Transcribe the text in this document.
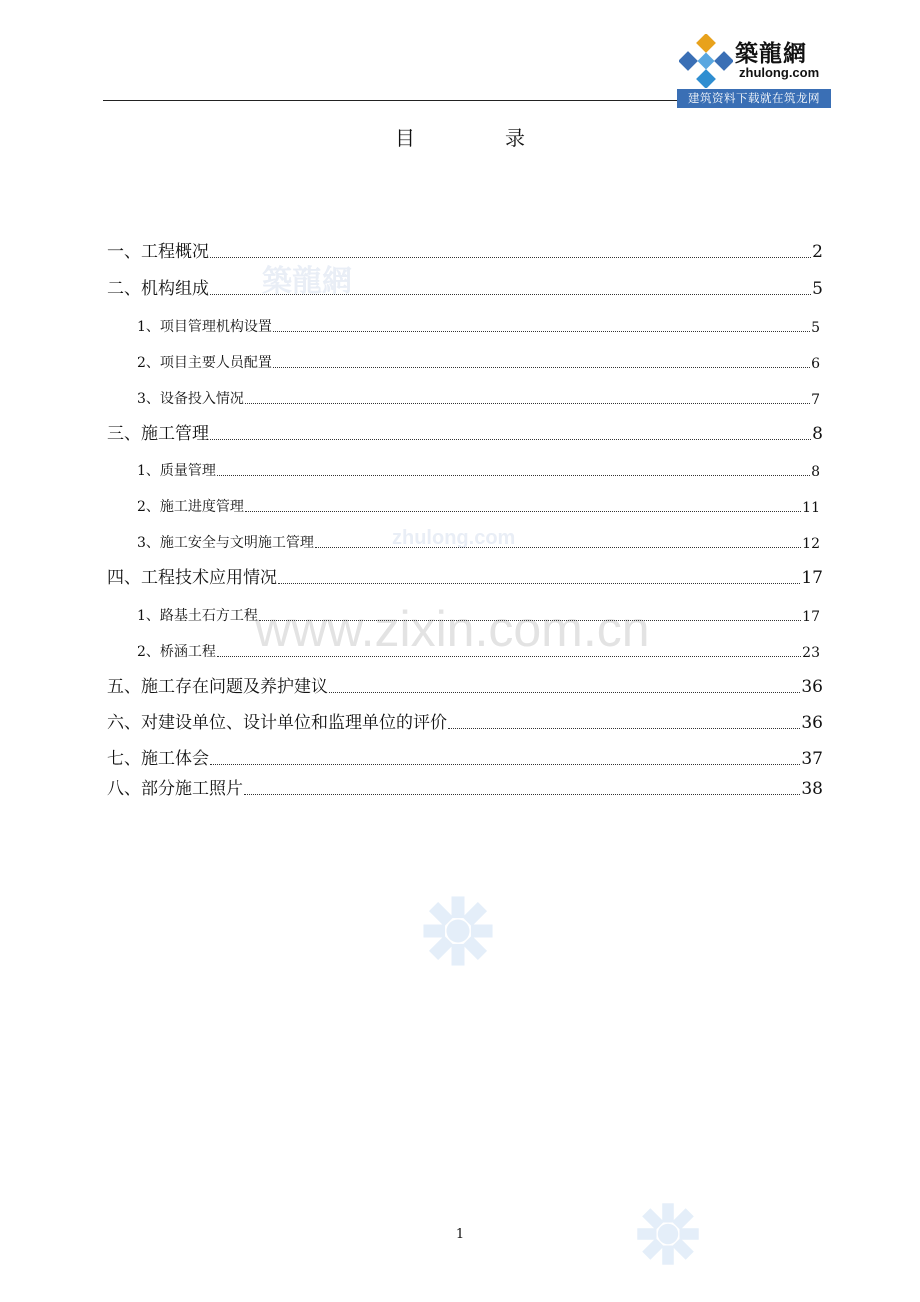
築龍網
zhulong.com
www.zixin.com.cn
築龍網
zhulong.com
建筑资料下载就在筑龙网
目	录
一、工程概况	2
二、机构组成	5
1、项目管理机构设置	5
2、项目主要人员配置	6
3、设备投入情况	7
三、施工管理	8
1、质量管理	8
2、施工进度管理	11
3、施工安全与文明施工管理	12
四、工程技术应用情况	17
1、路基土石方工程	17
2、桥涵工程	23
五、施工存在问题及养护建议	36
六、对建设单位、设计单位和监理单位的评价	36
七、施工体会	37
八、部分施工照片	38
1
